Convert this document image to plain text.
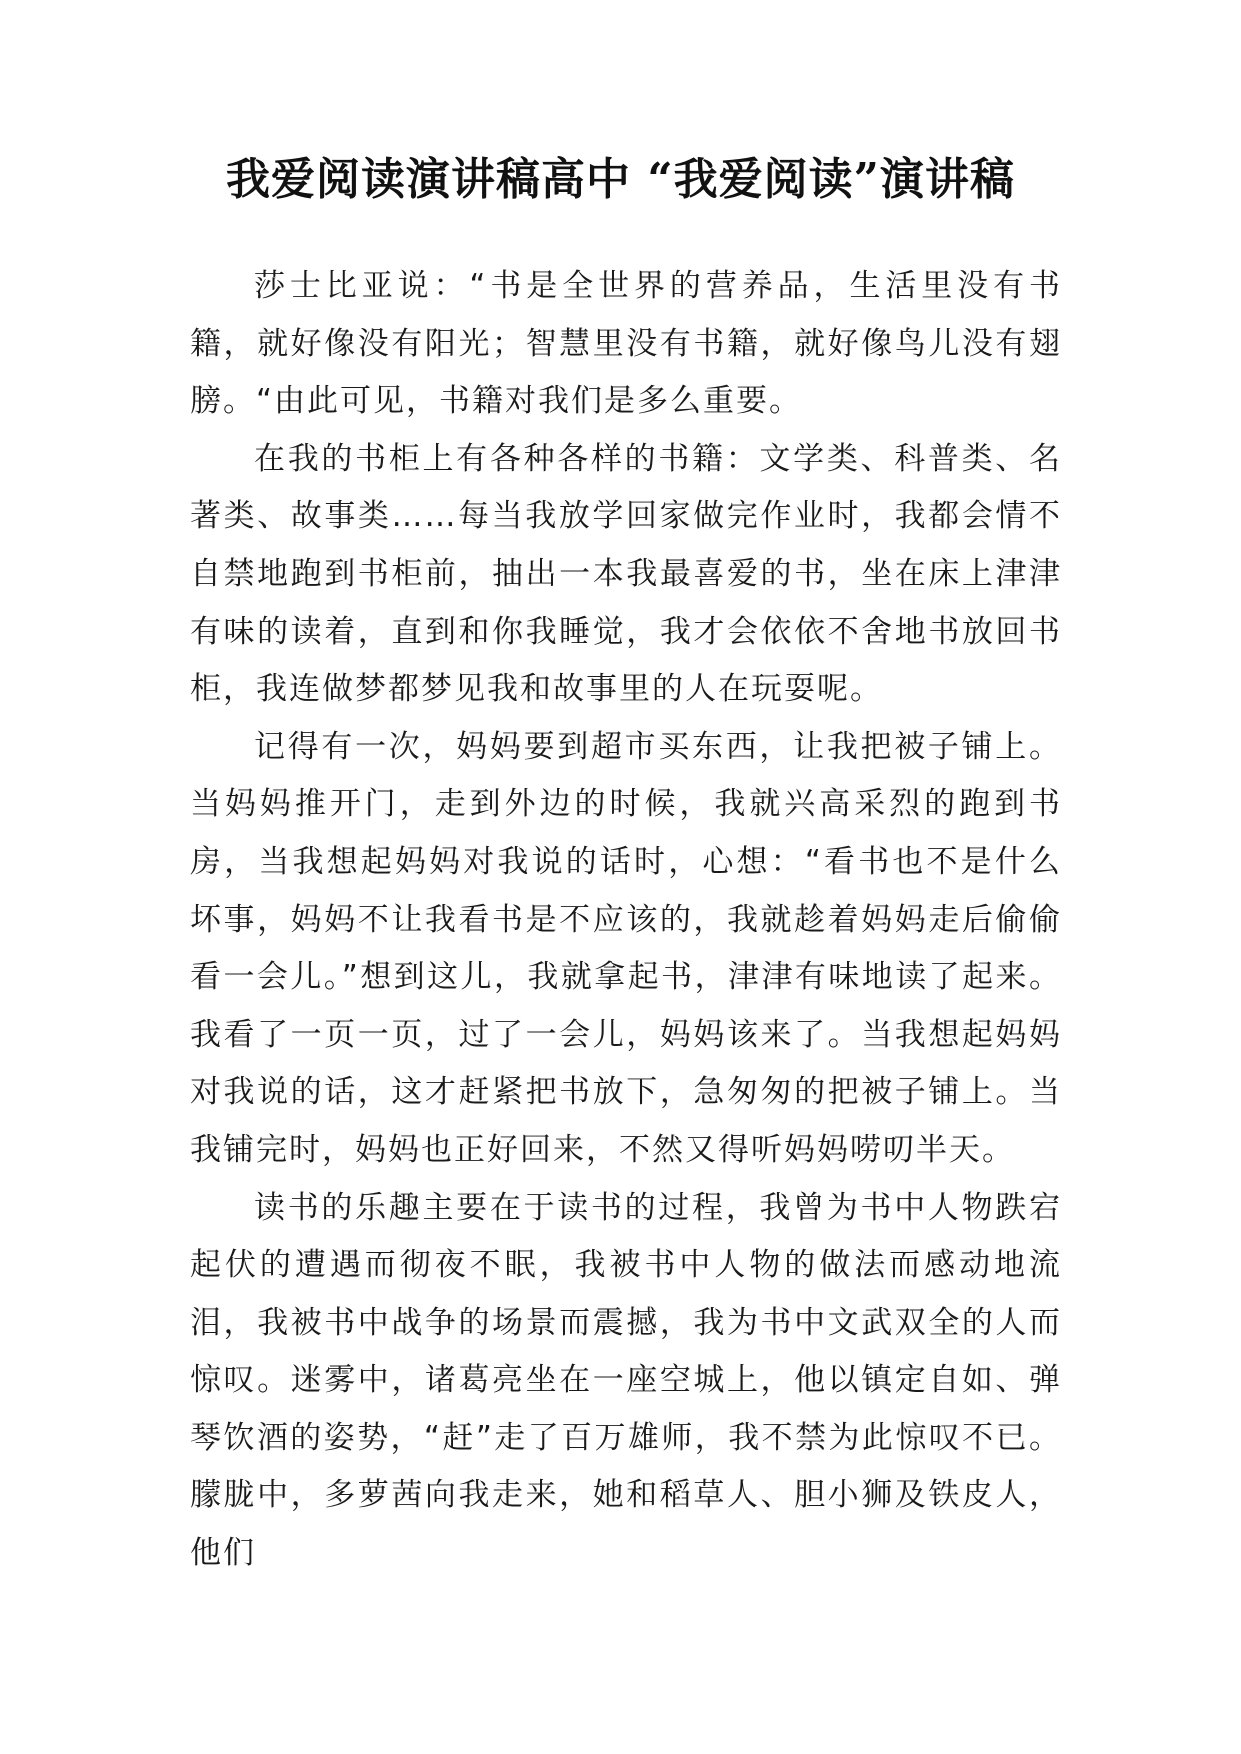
我爱阅读演讲稿高中 “我爱阅读”演讲稿

莎士比亚说：“书是全世界的营养品，生活里没有书籍，就好像没有阳光；智慧里没有书籍，就好像鸟儿没有翅膀。“由此可见，书籍对我们是多么重要。

在我的书柜上有各种各样的书籍：文学类、科普类、名著类、故事类……每当我放学回家做完作业时，我都会情不自禁地跑到书柜前，抽出一本我最喜爱的书，坐在床上津津有味的读着，直到和你我睡觉，我才会依依不舍地书放回书柜，我连做梦都梦见我和故事里的人在玩耍呢。

记得有一次，妈妈要到超市买东西，让我把被子铺上。当妈妈推开门，走到外边的时候，我就兴高采烈的跑到书房，当我想起妈妈对我说的话时，心想：“看书也不是什么坏事，妈妈不让我看书是不应该的，我就趁着妈妈走后偷偷看一会儿。”想到这儿，我就拿起书，津津有味地读了起来。我看了一页一页，过了一会儿，妈妈该来了。当我想起妈妈对我说的话，这才赶紧把书放下，急匆匆的把被子铺上。当我铺完时，妈妈也正好回来，不然又得听妈妈唠叨半天。

读书的乐趣主要在于读书的过程，我曾为书中人物跌宕起伏的遭遇而彻夜不眠，我被书中人物的做法而感动地流泪，我被书中战争的场景而震撼，我为书中文武双全的人而惊叹。迷雾中，诸葛亮坐在一座空城上，他以镇定自如、弹琴饮酒的姿势，“赶”走了百万雄师，我不禁为此惊叹不已。朦胧中，多萝茜向我走来，她和稻草人、胆小狮及铁皮人，他们
